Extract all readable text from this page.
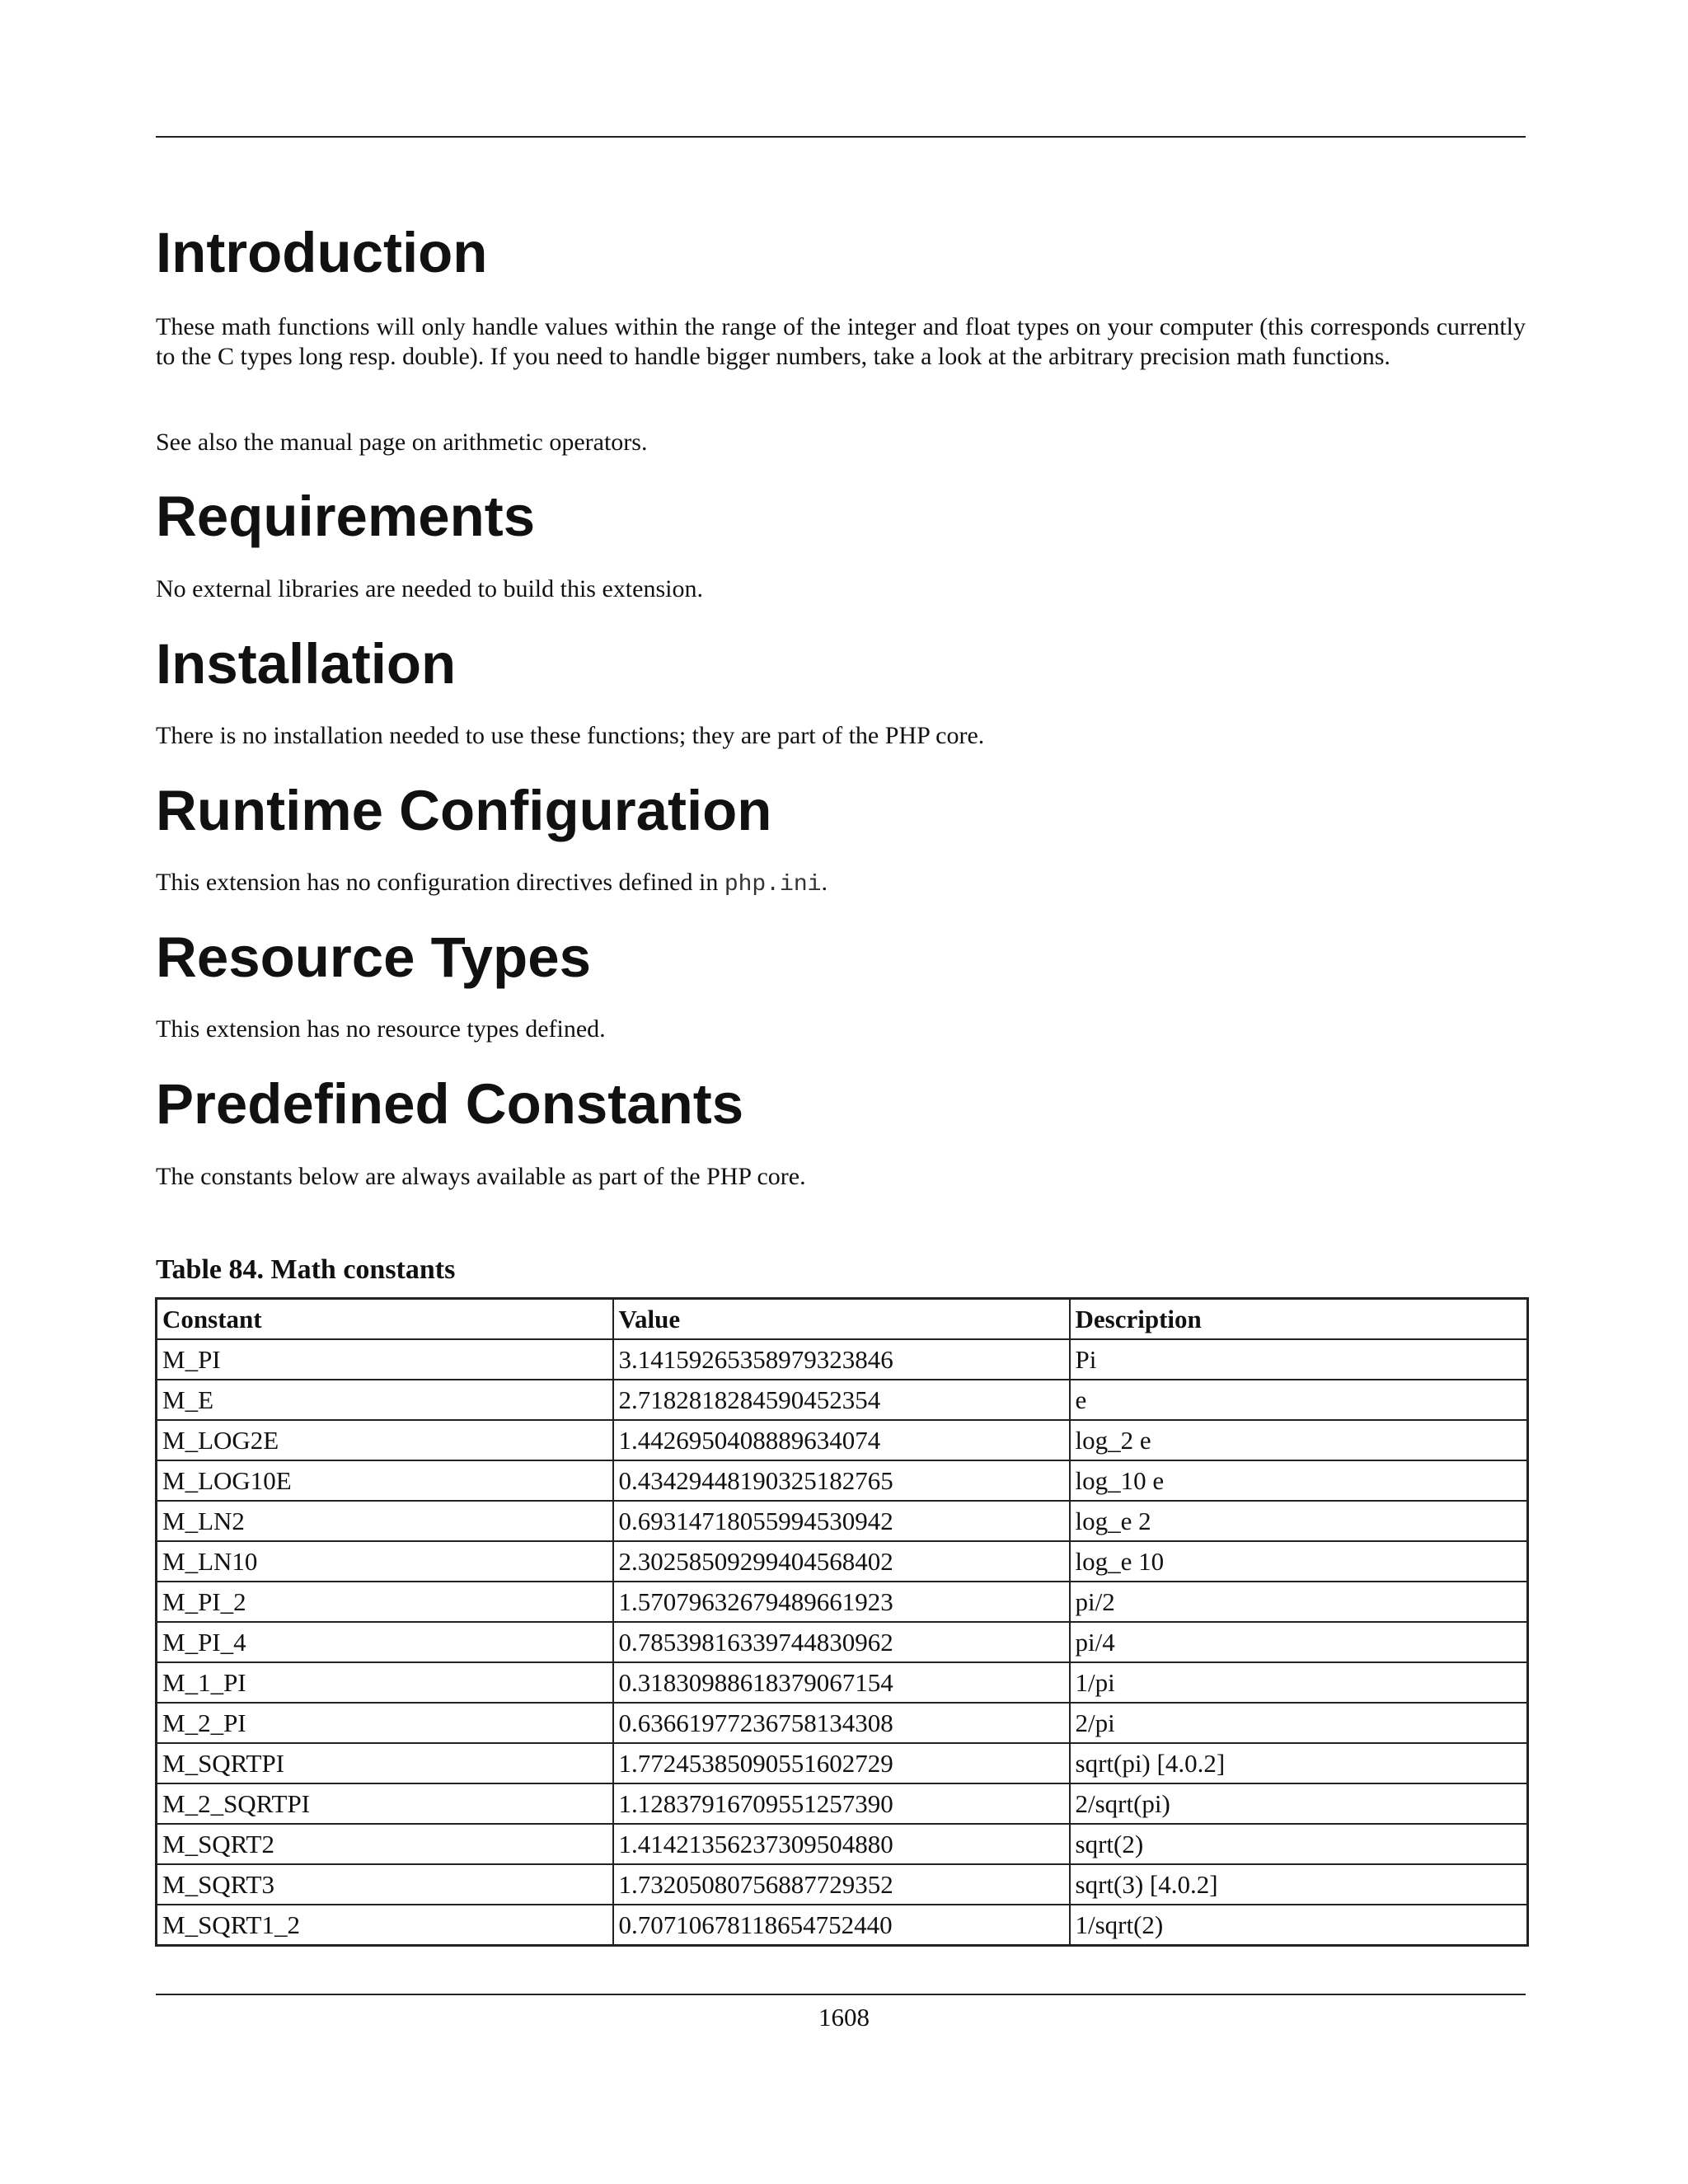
Introduction

These math functions will only handle values within the range of the integer and float types on your computer (this corresponds currently to the C types long resp. double). If you need to handle bigger numbers, take a look at the arbitrary precision math functions.

See also the manual page on arithmetic operators.

Requirements

No external libraries are needed to build this extension.

Installation

There is no installation needed to use these functions; they are part of the PHP core.

Runtime Configuration

This extension has no configuration directives defined in php.ini.

Resource Types

This extension has no resource types defined.

Predefined Constants

The constants below are always available as part of the PHP core.

Table 84. Math constants

Constant	Value	Description
M_PI	3.14159265358979323846	Pi
M_E	2.7182818284590452354	e
M_LOG2E	1.4426950408889634074	log_2 e
M_LOG10E	0.43429448190325182765	log_10 e
M_LN2	0.69314718055994530942	log_e 2
M_LN10	2.30258509299404568402	log_e 10
M_PI_2	1.57079632679489661923	pi/2
M_PI_4	0.78539816339744830962	pi/4
M_1_PI	0.31830988618379067154	1/pi
M_2_PI	0.63661977236758134308	2/pi
M_SQRTPI	1.77245385090551602729	sqrt(pi) [4.0.2]
M_2_SQRTPI	1.12837916709551257390	2/sqrt(pi)
M_SQRT2	1.41421356237309504880	sqrt(2)
M_SQRT3	1.73205080756887729352	sqrt(3) [4.0.2]
M_SQRT1_2	0.70710678118654752440	1/sqrt(2)
1608
